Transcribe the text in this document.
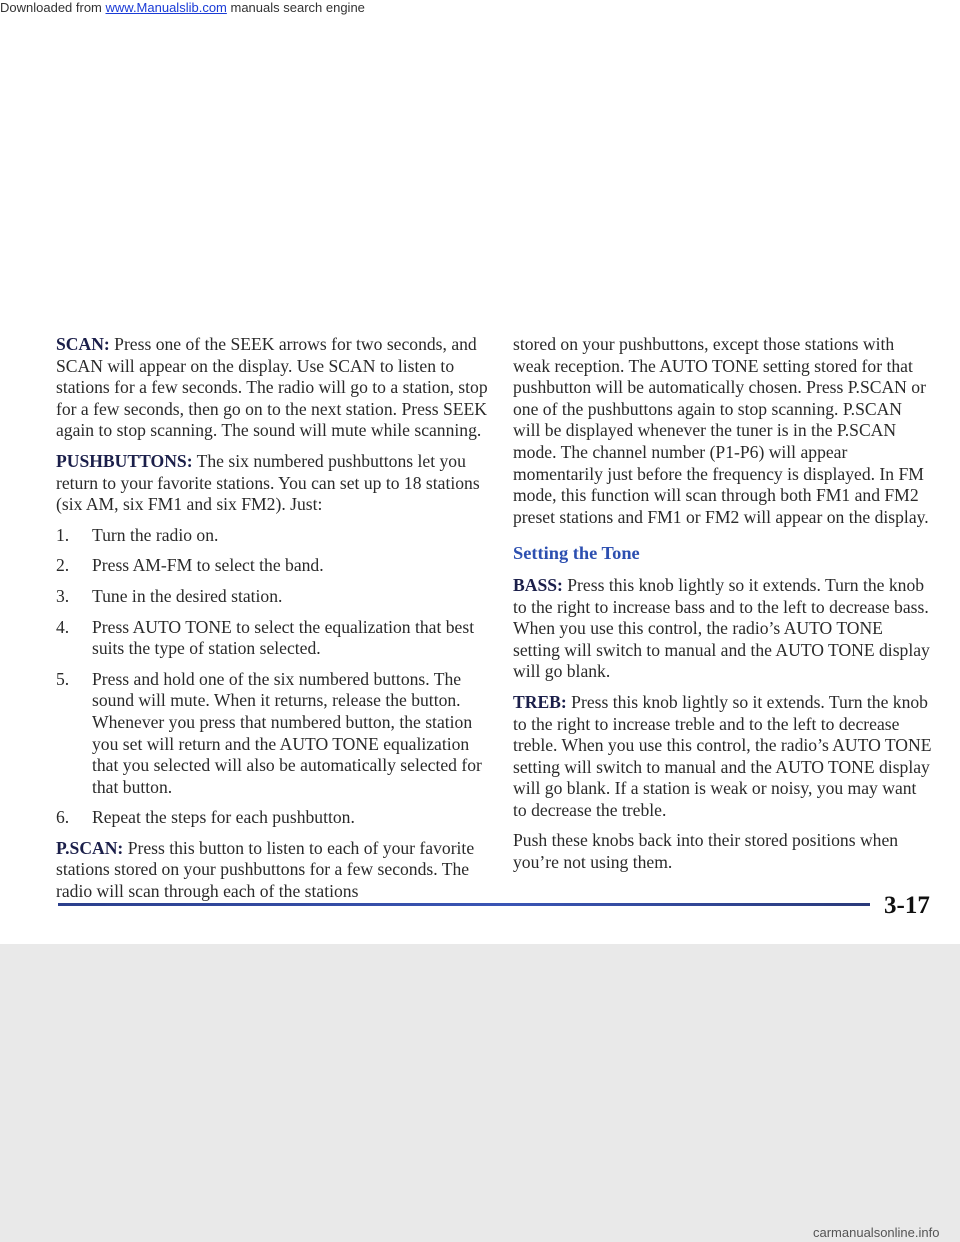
Downloaded from www.Manualslib.com manuals search engine

SCAN: Press one of the SEEK arrows for two seconds, and SCAN will appear on the display. Use SCAN to listen to stations for a few seconds. The radio will go to a station, stop for a few seconds, then go on to the next station. Press SEEK again to stop scanning. The sound will mute while scanning.

PUSHBUTTONS: The six numbered pushbuttons let you return to your favorite stations. You can set up to 18 stations (six AM, six FM1 and six FM2). Just:

1. Turn the radio on.
2. Press AM-FM to select the band.
3. Tune in the desired station.
4. Press AUTO TONE to select the equalization that best suits the type of station selected.
5. Press and hold one of the six numbered buttons. The sound will mute. When it returns, release the button. Whenever you press that numbered button, the station you set will return and the AUTO TONE equalization that you selected will also be automatically selected for that button.
6. Repeat the steps for each pushbutton.

P.SCAN: Press this button to listen to each of your favorite stations stored on your pushbuttons for a few seconds. The radio will scan through each of the stations

stored on your pushbuttons, except those stations with weak reception. The AUTO TONE setting stored for that pushbutton will be automatically chosen. Press P.SCAN or one of the pushbuttons again to stop scanning. P.SCAN will be displayed whenever the tuner is in the P.SCAN mode. The channel number (P1-P6) will appear momentarily just before the frequency is displayed. In FM mode, this function will scan through both FM1 and FM2 preset stations and FM1 or FM2 will appear on the display.

Setting the Tone

BASS: Press this knob lightly so it extends. Turn the knob to the right to increase bass and to the left to decrease bass. When you use this control, the radio’s AUTO TONE setting will switch to manual and the AUTO TONE display will go blank.

TREB: Press this knob lightly so it extends. Turn the knob to the right to increase treble and to the left to decrease treble. When you use this control, the radio’s AUTO TONE setting will switch to manual and the AUTO TONE display will go blank. If a station is weak or noisy, you may want to decrease the treble.

Push these knobs back into their stored positions when you’re not using them.

3-17
carmanualsonline.info
